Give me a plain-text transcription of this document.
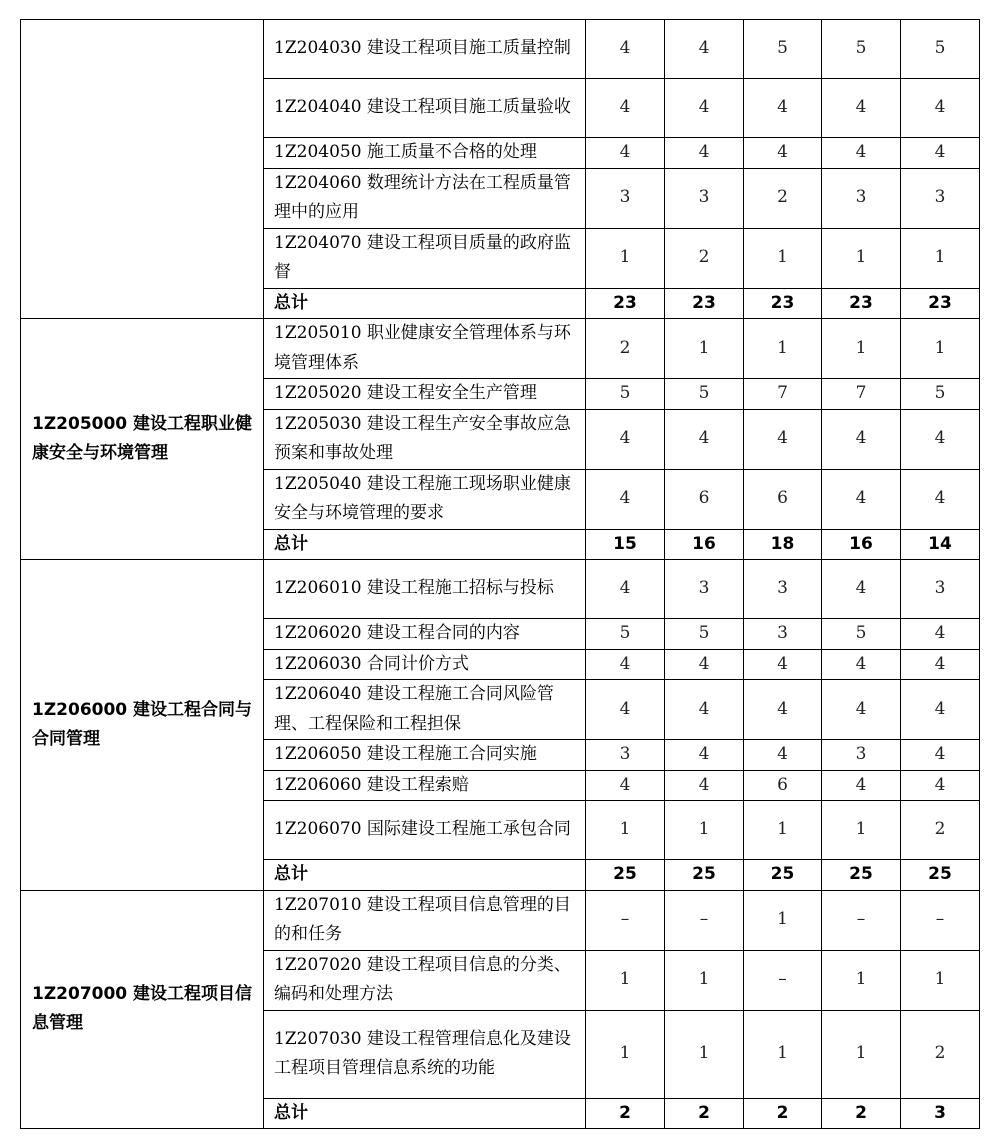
	1Z204030 建设工程项目施工质量控制	4	4	5	5	5
	1Z204040 建设工程项目施工质量验收	4	4	4	4	4
	1Z204050 施工质量不合格的处理	4	4	4	4	4
	1Z204060 数理统计方法在工程质量管理中的应用	3	3	2	3	3
	1Z204070 建设工程项目质量的政府监督	1	2	1	1	1
	总计	23	23	23	23	23
1Z205000 建设工程职业健康安全与环境管理	1Z205010 职业健康安全管理体系与环境管理体系	2	1	1	1	1
	1Z205020 建设工程安全生产管理	5	5	7	7	5
	1Z205030 建设工程生产安全事故应急预案和事故处理	4	4	4	4	4
	1Z205040 建设工程施工现场职业健康安全与环境管理的要求	4	6	6	4	4
	总计	15	16	18	16	14
1Z206000 建设工程合同与合同管理	1Z206010 建设工程施工招标与投标	4	3	3	4	3
	1Z206020 建设工程合同的内容	5	5	3	5	4
	1Z206030 合同计价方式	4	4	4	4	4
	1Z206040 建设工程施工合同风险管理、工程保险和工程担保	4	4	4	4	4
	1Z206050 建设工程施工合同实施	3	4	4	3	4
	1Z206060 建设工程索赔	4	4	6	4	4
	1Z206070 国际建设工程施工承包合同	1	1	1	1	2
	总计	25	25	25	25	25
1Z207000 建设工程项目信息管理	1Z207010 建设工程项目信息管理的目的和任务	–	–	1	–	–
	1Z207020 建设工程项目信息的分类、编码和处理方法	1	1	–	1	1
	1Z207030 建设工程管理信息化及建设工程项目管理信息系统的功能	1	1	1	1	2
	总计	2	2	2	2	3
